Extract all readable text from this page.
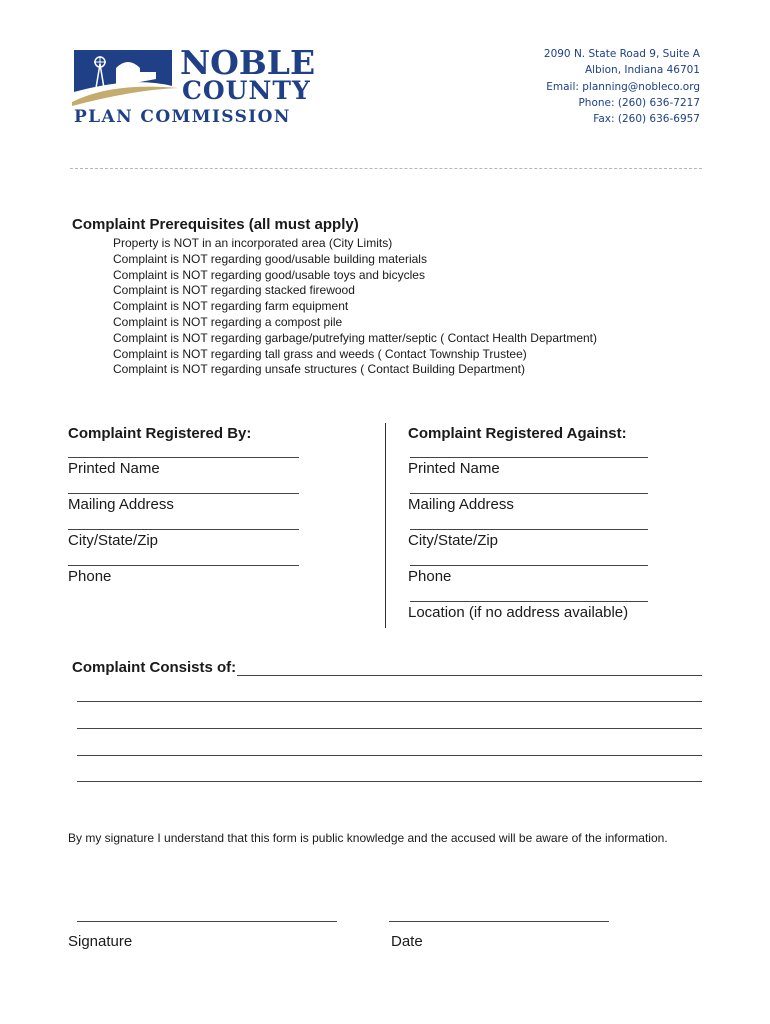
NOBLE
COUNTY
PLAN COMMISSION
2090 N. State Road 9, Suite A
Albion, Indiana 46701
Email: planning@nobleco.org
Phone: (260) 636-7217
Fax: (260) 636-6957
Complaint Prerequisites (all must apply)
Property is NOT in an incorporated area (City Limits)
Complaint is NOT regarding good/usable building materials
Complaint is NOT regarding good/usable toys and bicycles
Complaint is NOT regarding stacked firewood
Complaint is NOT regarding farm equipment
Complaint is NOT regarding a compost pile
Complaint is NOT regarding garbage/putrefying matter/septic ( Contact Health Department)
Complaint is NOT regarding tall grass and weeds ( Contact Township Trustee)
Complaint is NOT regarding unsafe structures ( Contact Building Department)
Complaint Registered By:
Printed Name
Mailing Address
City/State/Zip
Phone
Complaint Registered Against:
Printed Name
Mailing Address
City/State/Zip
Phone
Location (if no address available)
Complaint Consists of:
By my signature I understand that this form is public knowledge and the accused will be aware of the information.
Signature	Date
